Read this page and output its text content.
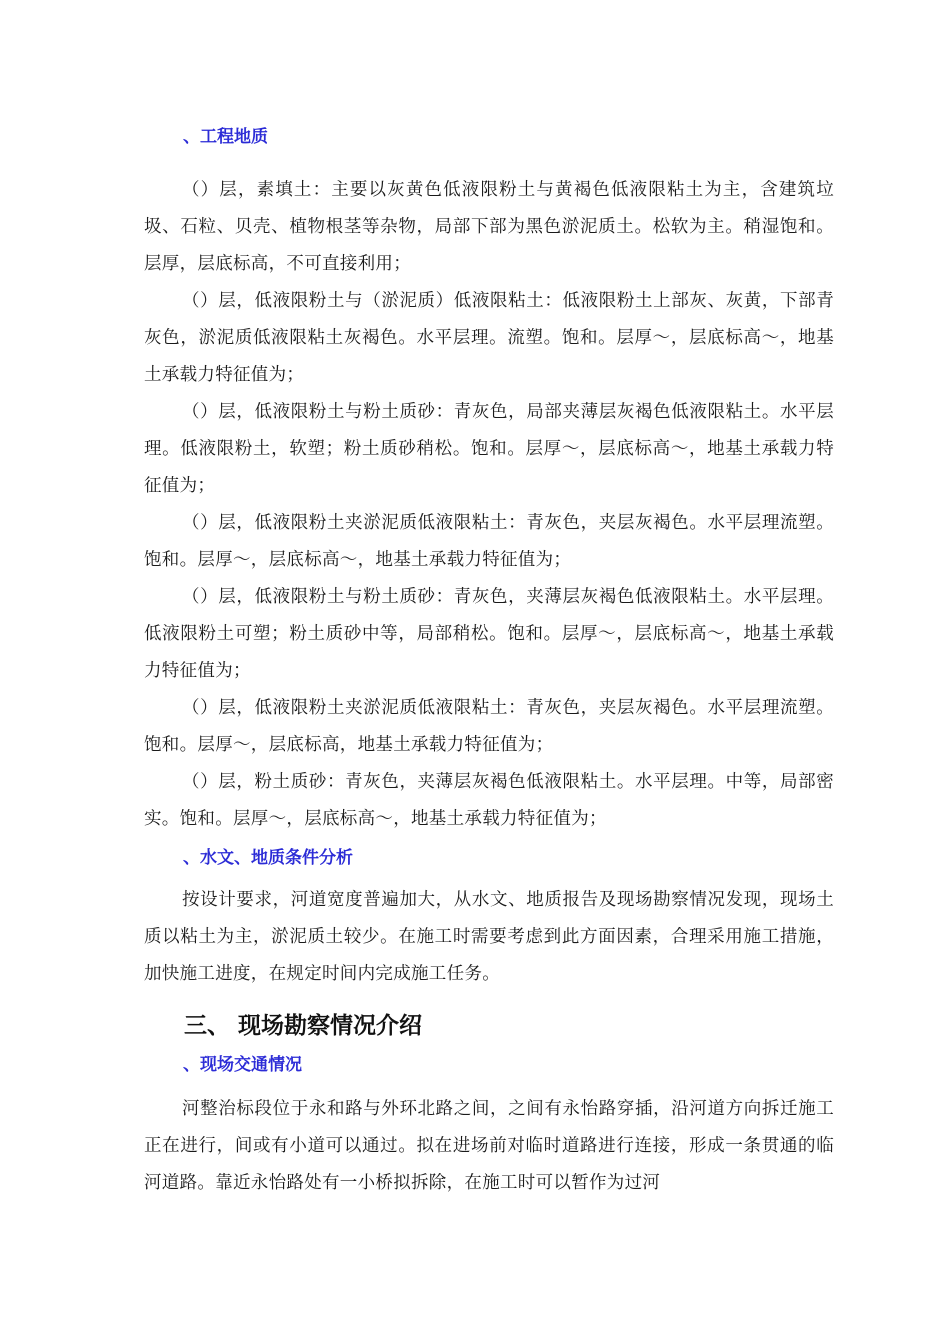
、工程地质
（）层，素填土：主要以灰黄色低液限粉土与黄褐色低液限粘土为主，含建筑垃圾、石粒、贝壳、植物根茎等杂物，局部下部为黑色淤泥质土。松软为主。稍湿饱和。层厚，层底标高，不可直接利用；
（）层，低液限粉土与（淤泥质）低液限粘土：低液限粉土上部灰、灰黄，下部青灰色，淤泥质低液限粘土灰褐色。水平层理。流塑。饱和。层厚～，层底标高～，地基土承载力特征值为；
（）层，低液限粉土与粉土质砂：青灰色，局部夹薄层灰褐色低液限粘土。水平层理。低液限粉土，软塑；粉土质砂稍松。饱和。层厚～，层底标高～，地基土承载力特征值为；
（）层，低液限粉土夹淤泥质低液限粘土：青灰色，夹层灰褐色。水平层理流塑。饱和。层厚～，层底标高～，地基土承载力特征值为；
（）层，低液限粉土与粉土质砂：青灰色，夹薄层灰褐色低液限粘土。水平层理。低液限粉土可塑；粉土质砂中等，局部稍松。饱和。层厚～，层底标高～，地基土承载力特征值为；
（）层，低液限粉土夹淤泥质低液限粘土：青灰色，夹层灰褐色。水平层理流塑。饱和。层厚～，层底标高，地基土承载力特征值为；
（）层，粉土质砂：青灰色，夹薄层灰褐色低液限粘土。水平层理。中等，局部密实。饱和。层厚～，层底标高～，地基土承载力特征值为；
、水文、地质条件分析
按设计要求，河道宽度普遍加大，从水文、地质报告及现场勘察情况发现，现场土质以粘土为主，淤泥质土较少。在施工时需要考虑到此方面因素，合理采用施工措施，加快施工进度，在规定时间内完成施工任务。
三、 现场勘察情况介绍
、现场交通情况
河整治标段位于永和路与外环北路之间，之间有永怡路穿插，沿河道方向拆迁施工正在进行，间或有小道可以通过。拟在进场前对临时道路进行连接，形成一条贯通的临河道路。靠近永怡路处有一小桥拟拆除，在施工时可以暂作为过河
